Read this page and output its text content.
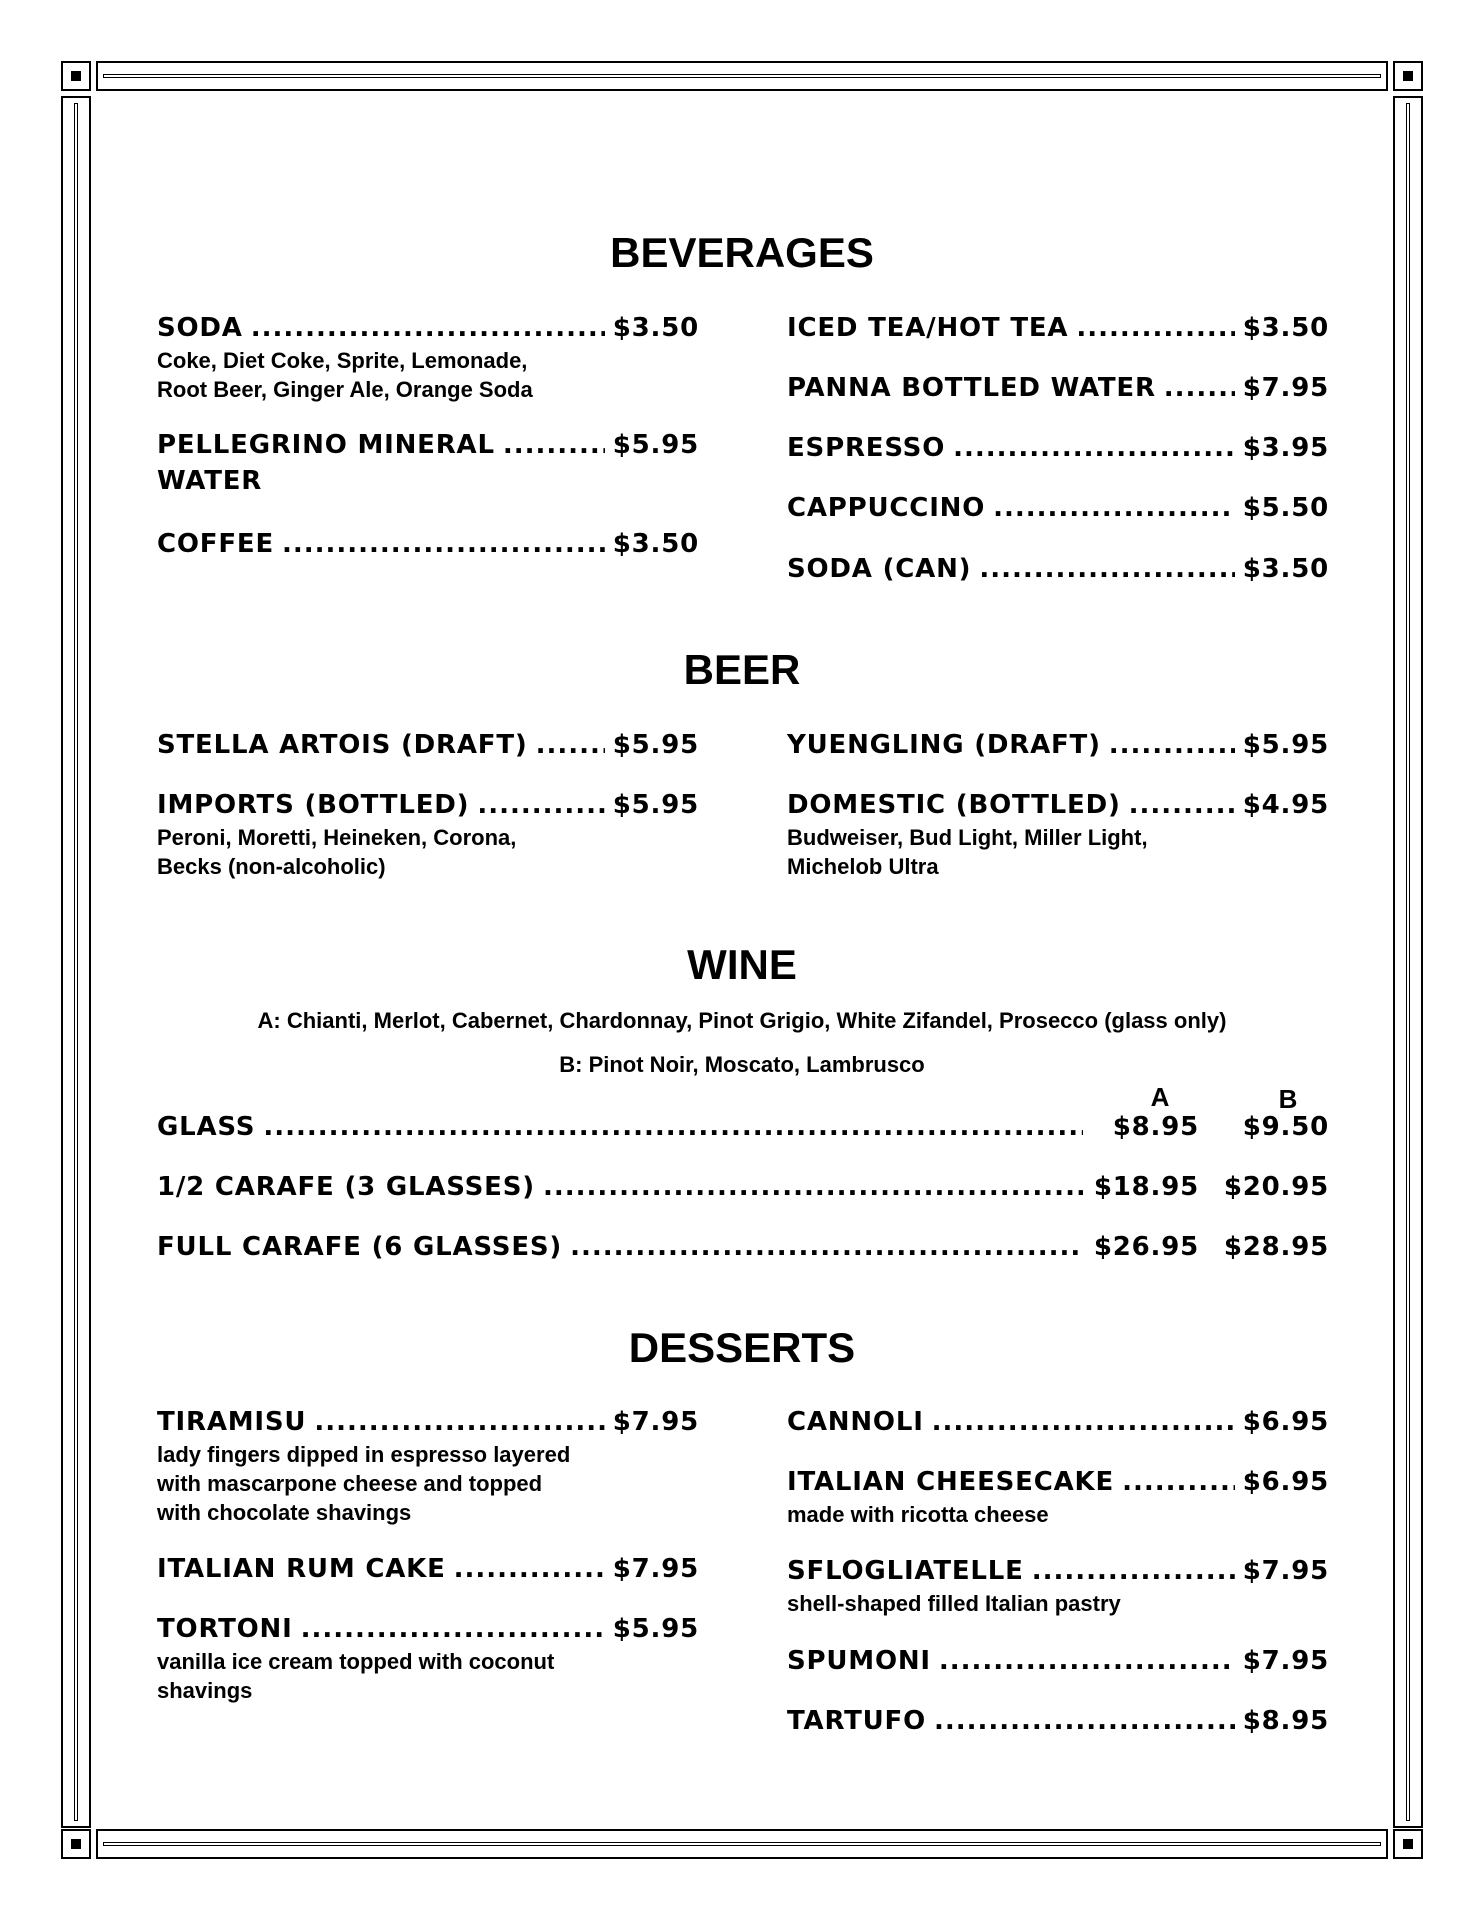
BEVERAGES
SODA .....	$3.50
Coke, Diet Coke, Sprite, Lemonade,
Root Beer, Ginger Ale, Orange Soda
PELLEGRINO MINERAL .....	$5.95
WATER
COFFEE .....	$3.50
ICED TEA/HOT TEA .....	$3.50
PANNA BOTTLED WATER .....	$7.95
ESPRESSO .....	$3.95
CAPPUCCINO .....	$5.50
SODA (CAN) .....	$3.50
BEER
STELLA ARTOIS (DRAFT) .....	$5.95
IMPORTS (BOTTLED) .....	$5.95
Peroni, Moretti, Heineken, Corona,
Becks (non-alcoholic)
YUENGLING (DRAFT) .....	$5.95
DOMESTIC (BOTTLED) .....	$4.95
Budweiser, Bud Light, Miller Light,
Michelob Ultra
WINE
A: Chianti, Merlot, Cabernet, Chardonnay, Pinot Grigio, White Zifandel, Prosecco (glass only)
B: Pinot Noir, Moscato, Lambrusco
A	B
GLASS .....	$8.95	$9.50
1/2 CARAFE (3 GLASSES) .....	$18.95 $20.95
FULL CARAFE (6 GLASSES) .....	$26.95 $28.95
DESSERTS
TIRAMISU .....	$7.95
lady fingers dipped in espresso layered
with mascarpone cheese and topped
with chocolate shavings
ITALIAN RUM CAKE .....	$7.95
TORTONI .....	$5.95
vanilla ice cream topped with coconut
shavings
CANNOLI .....	$6.95
ITALIAN CHEESECAKE .....	$6.95
made with ricotta cheese
SFLOGLIATELLE .....	$7.95
shell-shaped filled Italian pastry
SPUMONI .....	$7.95
TARTUFO .....	$8.95
